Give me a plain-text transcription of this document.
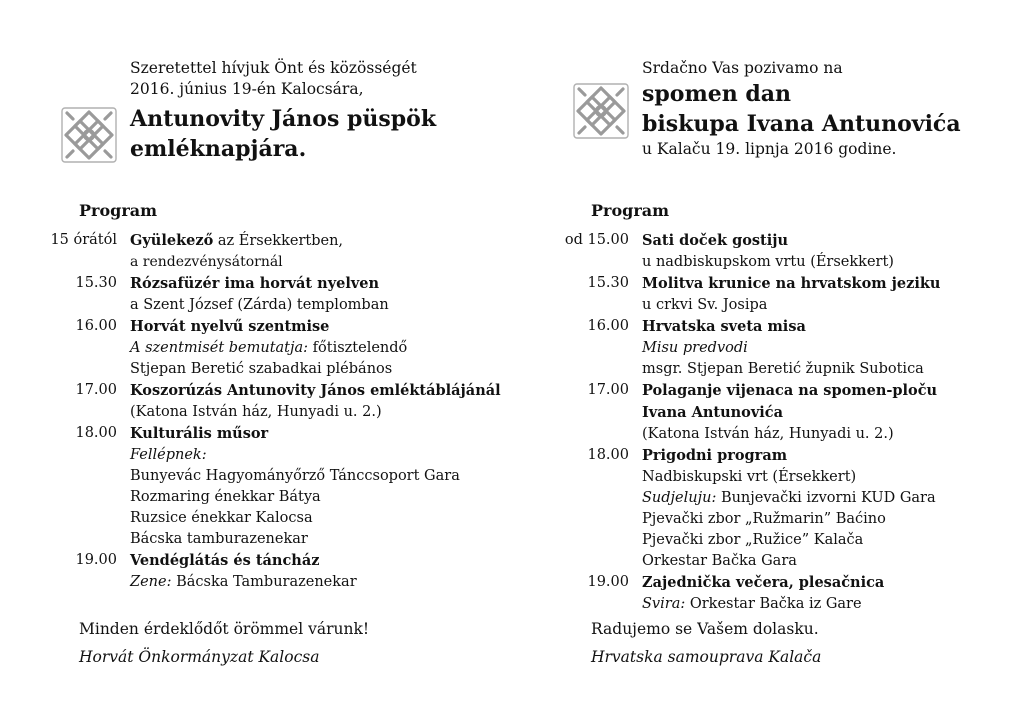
Szeretettel hívjuk Önt és közösségét
2016. június 19-én Kalocsára,
Antunovity János püspök
emléknapjára.
Program
15 órától Gyülekező az Érsekkertben,
a rendezvénysátornál
15.30 Rózsafüzér ima horvát nyelven
a Szent József (Zárda) templomban
16.00 Horvát nyelvű szentmise
A szentmisét bemutatja: főtisztelendő
Stjepan Beretić szabadkai plébános
17.00 Koszorúzás Antunovity János emléktáblájánál
(Katona István ház, Hunyadi u. 2.)
18.00 Kulturális műsor
Fellépnek:
Bunyevác Hagyományőrző Tánccsoport Gara
Rozmaring énekkar Bátya
Ruzsice énekkar Kalocsa
Bácska tamburazenekar
19.00 Vendéglátás és táncház
Zene: Bácska Tamburazenekar
Minden érdeklődőt örömmel várunk!
Horvát Önkormányzat Kalocsa
Srdačno Vas pozivamo na
spomen dan
biskupa Ivana Antunovića
u Kalaču 19. lipnja 2016 godine.
Program
od 15.00 Sati doček gostiju
u nadbiskupskom vrtu (Érsekkert)
15.30 Molitva krunice na hrvatskom jeziku
u crkvi Sv. Josipa
16.00 Hrvatska sveta misa
Misu predvodi
msgr. Stjepan Beretić župnik Subotica
17.00 Polaganje vijenaca na spomen-ploču
Ivana Antunovića
(Katona István ház, Hunyadi u. 2.)
18.00 Prigodni program
Nadbiskupski vrt (Érsekkert)
Sudjeluju: Bunjevački izvorni KUD Gara
Pjevački zbor „Ružmarin” Baćino
Pjevački zbor „Ružice” Kalača
Orkestar Bačka Gara
19.00 Zajednička večera, plesačnica
Svira: Orkestar Bačka iz Gare
Radujemo se Vašem dolasku.
Hrvatska samouprava Kalača
